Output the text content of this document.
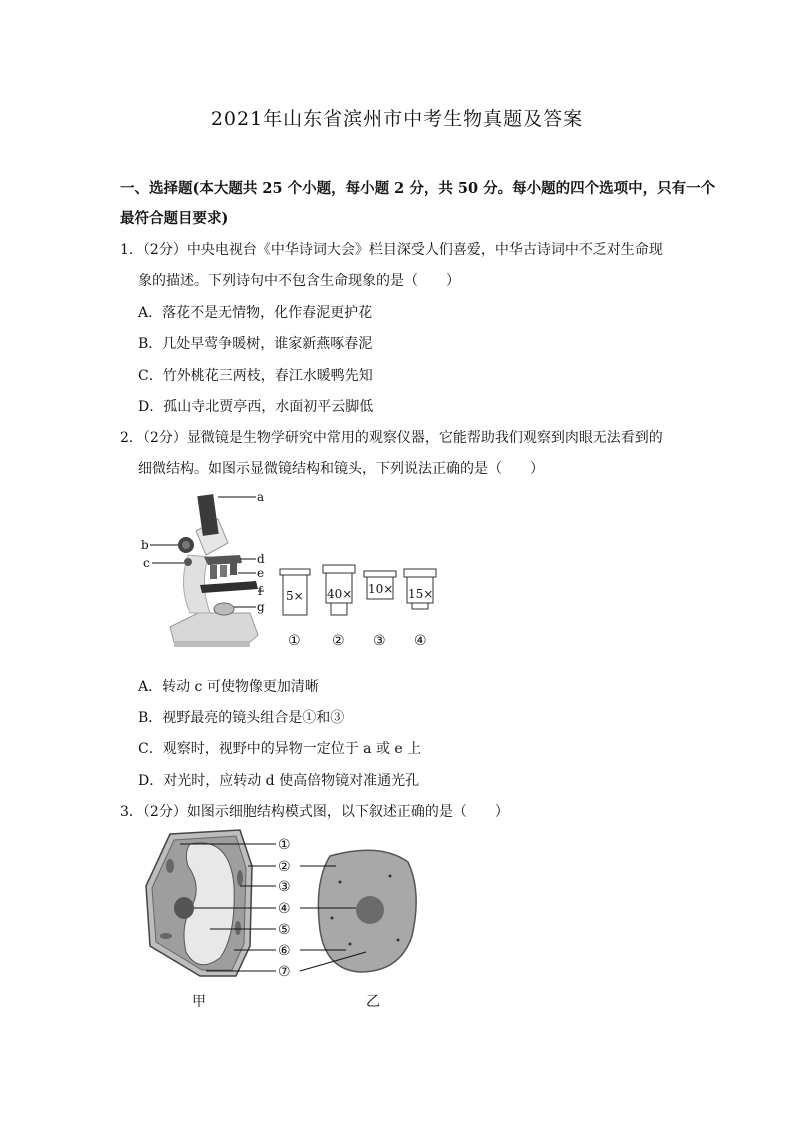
2021年山东省滨州市中考生物真题及答案
一、选择题(本大题共 25 个小题，每小题 2 分，共 50 分。每小题的四个选项中，只有一个
最符合题目要求)
1．（2分）中央电视台《中华诗词大会》栏目深受人们喜爱，中华古诗词中不乏对生命现
象的描述。下列诗句中不包含生命现象的是（　　）
A．落花不是无情物，化作春泥更护花
B．几处早莺争暖树，谁家新燕啄春泥
C．竹外桃花三两枝，春江水暖鸭先知
D．孤山寺北贾亭西，水面初平云脚低
2．（2分）显微镜是生物学研究中常用的观察仪器，它能帮助我们观察到肉眼无法看到的
细微结构。如图示显微镜结构和镜头，下列说法正确的是（　　）
a
b
c	d
e
f
g
5×
①
40×
②
10×
③
15×
④
A．转动 c 可使物像更加清晰
B．视野最亮的镜头组合是①和③
C．观察时，视野中的异物一定位于 a 或 e 上
D．对光时，应转动 d 使高倍物镜对准通光孔
3．（2分）如图示细胞结构模式图，以下叙述正确的是（　　）
①
②
③
④
⑤
⑥
⑦
甲	乙
